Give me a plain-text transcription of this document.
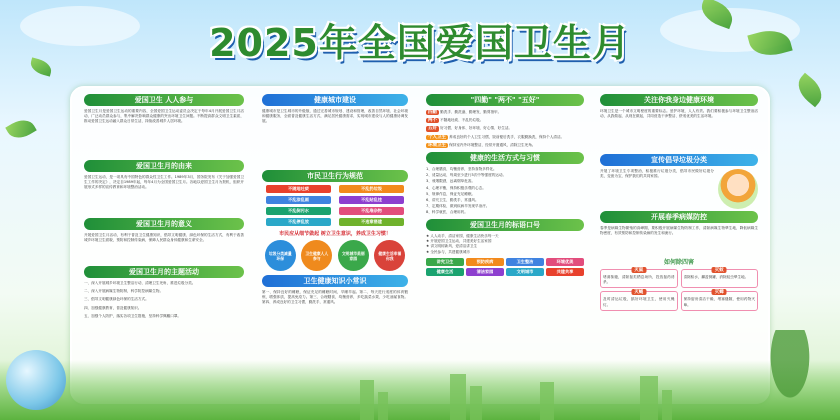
2025年全国爱国卫生月
爱国卫生 人人参与
爱国卫生月是爱国卫生运动的重要内容，全国爱国卫生运动委员会决定于每年4月开展爱国卫生月活动，广泛动员群众参与，集中解决影响群众健康的突出环境卫生问题。不断提高群众文明卫生素质，推动爱国卫生运动融入群众日常生活，持续改善城乡人居环境。
爱国卫生月的由来
爱国卫生运动，是一项具有中国特色的群众性卫生工作。1989年3月，国务院发布《关于加强爱国卫生工作的决定》，决定自1989年起，每年4月为全国爱国卫生月。各地以爱国卫生月为契机，组织开展形式多样的宣传教育和环境整治活动。
爱国卫生月的意义
开展爱国卫生月活动，有利于普及卫生健康知识，倡导文明健康、绿色环保的生活方式，有利于改善城乡环境卫生面貌，预防和控制传染病，保障人民群众身体健康和生命安全。
爱国卫生月的主题活动
一、深入开展城乡环境卫生整洁行动，清理卫生死角，推进垃圾分类。
二、深入开展病媒生物防制，科学防控病媒生物。
三、倡导文明健康绿色环保的生活方式。
四、加强健康教育，普及健康知识。
五、加强个人防护，落实各项卫生措施，坚持科学佩戴口罩。
健康城市建设
健康城市是卫生城市的升级版，通过完善城市规划、建设和管理，改善自然环境、社会环境和健康服务，全面普及健康生活方式，满足居民健康需求，实现城市建设与人的健康协调发展。
市民卫生行为规范
不随地吐痰	不乱扔垃圾
不乱涂乱画	不乱贴乱挂
不乱倒污水	不乱堆杂物
不乱停乱放	不违章搭建
市民应从细节做起 树立卫生意识，养成卫生习惯！
垃圾分类减量环保
卫生健康人人参与
文明城市美丽家园
健康生活幸福你我
卫生健康知识小常识
第一、保持良好的睡眠，保证充足的睡眠时间，早睡早起。第二、每天进行适度的体育锻炼，增强体质，提高免疫力。第三、合理膳食，均衡营养，多吃蔬菜水果，少吃油腻食物。第四、养成良好的卫生习惯，勤洗手，常通风。
"四勤" "两不" "五好"
四勤 勤洗手、勤洗澡、勤理发、勤剪指甲。
两不 不随地吐痰、不乱扔垃圾。
五好 好习惯、好身体、好环境、好心情、好生活。
个人卫生 养成良好的个人卫生习惯，饭前便后洗手，衣服勤换洗，保持个人清洁。
环境卫生 保持室内外环境整洁，经常开窗通风，清除卫生死角。
健康的生活方式与习惯
1、合理膳食，均衡营养，坚持食物多样化。
2、适量运动，每周至少进行3次中等强度的运动。
3、戒烟限酒，远离烟草危害。
4、心理平衡，保持积极乐观的心态。
5、规律作息，保证充足睡眠。
6、讲究卫生，勤洗手，常通风。
7、定期体检，做到疾病早发现早治疗。
8、科学就医，合理用药。
爱国卫生月的标语口号
★ 人人动手，清洁家园，健康生活快乐每一天
★ 开展爱国卫生运动，共建美好生活家园
★ 讲文明树新风，爱清洁讲卫生
★ 全民参与，共建健康城市
讲究卫生	预防疾病	卫生整洁	环境优美
健康生活	清洁家园	文明城市	共建共享
关注你我身边健康环境
环境卫生是一个城市文明程度的重要标志。爱护环境，人人有责。我们要积极参与环境卫生整治活动，从我做起，从现在做起，共同营造干净整洁、舒适优美的生活环境。
宣传倡导垃圾分类
开展了环境卫生专项整治，积极推行垃圾分类，倡导市民做好垃圾分类，变废为宝，保护我们的共同家园。
开展春季病媒防控
春季是病媒生物繁殖的高峰期，要积极开展病媒生物防制工作，清除病媒生物孳生地，降低病媒生物密度，有效预防和控制传染病的发生和流行。
如何除四害
灭鼠
堵洞抹缝，清除鼠类栖息场所，投放鼠药诱杀。
灭蚊
清除积水，翻盆倒罐，消除蚊虫孳生地。
灭蝇
及时清运垃圾，搞好环境卫生，使用灭蝇灯。
灭蟑
保持厨房清洁干燥，堵塞缝隙，使用药物灭蟑。
